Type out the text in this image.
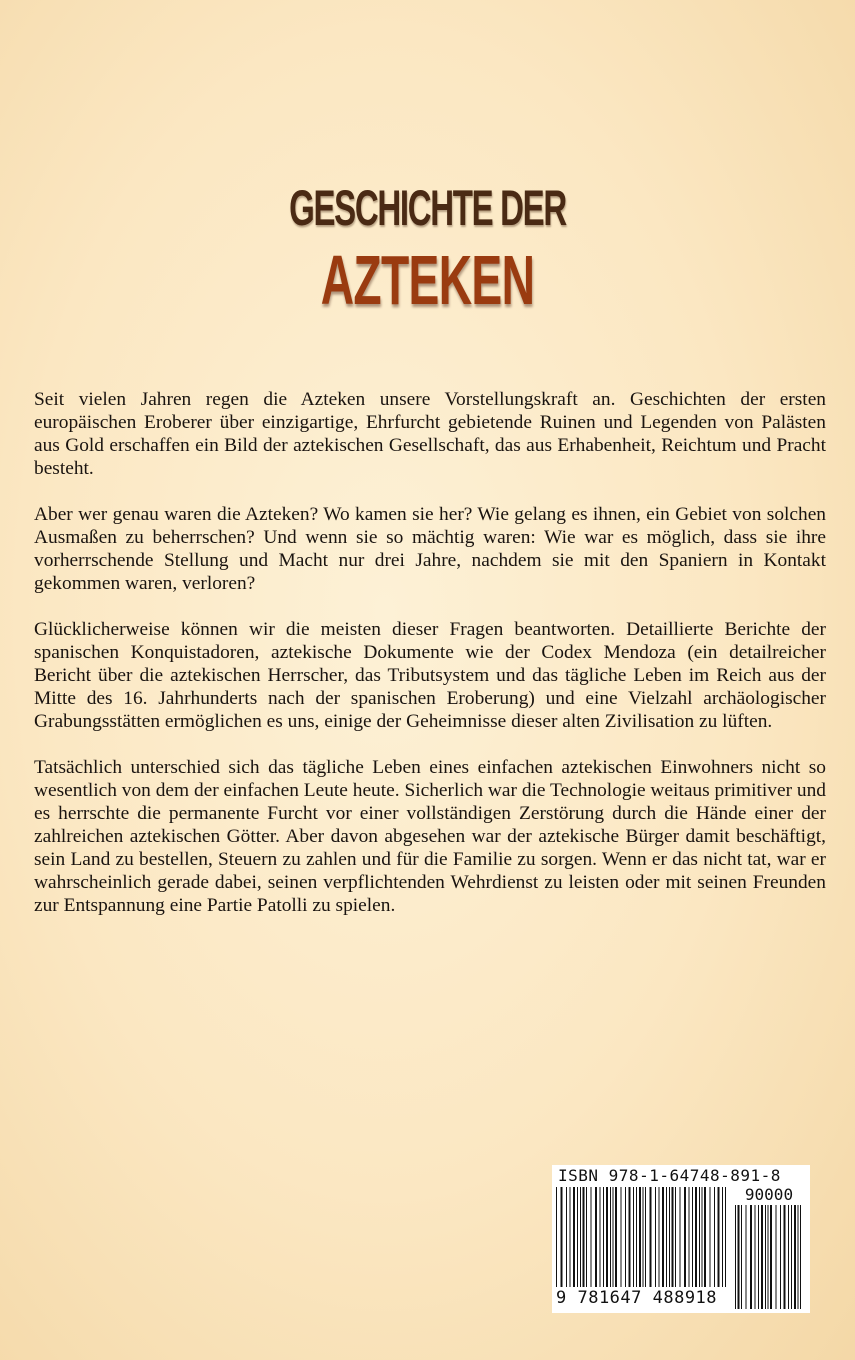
GESCHICHTE DER
AZTEKEN

Seit vielen Jahren regen die Azteken unsere Vorstellungskraft an. Geschichten der ersten europäischen Eroberer über einzigartige, Ehrfurcht gebietende Ruinen und Legenden von Palästen aus Gold erschaffen ein Bild der aztekischen Gesellschaft, das aus Erhabenheit, Reichtum und Pracht besteht.

Aber wer genau waren die Azteken? Wo kamen sie her? Wie gelang es ihnen, ein Gebiet von solchen Ausmaßen zu beherrschen? Und wenn sie so mächtig waren: Wie war es möglich, dass sie ihre vorherrschende Stellung und Macht nur drei Jahre, nachdem sie mit den Spaniern in Kontakt gekommen waren, verloren?

Glücklicherweise können wir die meisten dieser Fragen beantworten. Detaillierte Berichte der spanischen Konquistadoren, aztekische Dokumente wie der Codex Mendoza (ein detailreicher Bericht über die aztekischen Herrscher, das Tributsystem und das tägliche Leben im Reich aus der Mitte des 16. Jahrhunderts nach der spanischen Eroberung) und eine Vielzahl archäologischer Grabungsstätten ermöglichen es uns, einige der Geheimnisse dieser alten Zivilisation zu lüften.

Tatsächlich unterschied sich das tägliche Leben eines einfachen aztekischen Einwohners nicht so wesentlich von dem der einfachen Leute heute. Sicherlich war die Technologie weitaus primitiver und es herrschte die permanente Furcht vor einer vollständigen Zerstörung durch die Hände einer der zahlreichen aztekischen Götter. Aber davon abgesehen war der aztekische Bürger damit beschäftigt, sein Land zu bestellen, Steuern zu zahlen und für die Familie zu sorgen. Wenn er das nicht tat, war er wahrscheinlich gerade dabei, seinen verpflichtenden Wehrdienst zu leisten oder mit seinen Freunden zur Entspannung eine Partie Patolli zu spielen.

ISBN 978-1-64748-891-8
90000
9 781647 488918
